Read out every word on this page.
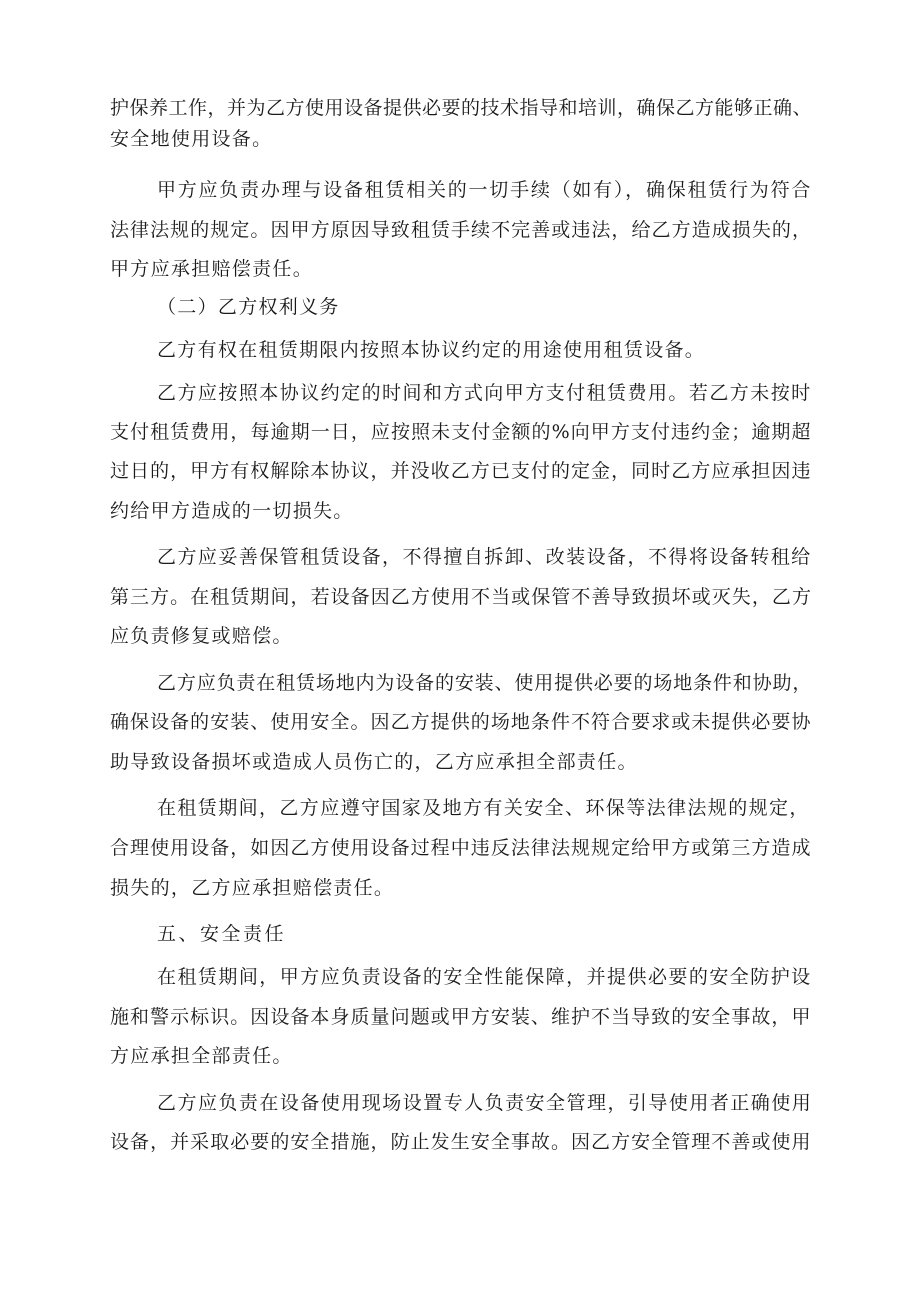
护保养工作，并为乙方使用设备提供必要的技术指导和培训，确保乙方能够正确、
安全地使用设备。
甲方应负责办理与设备租赁相关的一切手续（如有），确保租赁行为符合
法律法规的规定。因甲方原因导致租赁手续不完善或违法，给乙方造成损失的，
甲方应承担赔偿责任。
（二）乙方权利义务
乙方有权在租赁期限内按照本协议约定的用途使用租赁设备。
乙方应按照本协议约定的时间和方式向甲方支付租赁费用。若乙方未按时
支付租赁费用，每逾期一日，应按照未支付金额的%向甲方支付违约金；逾期超
过日的，甲方有权解除本协议，并没收乙方已支付的定金，同时乙方应承担因违
约给甲方造成的一切损失。
乙方应妥善保管租赁设备，不得擅自拆卸、改装设备，不得将设备转租给
第三方。在租赁期间，若设备因乙方使用不当或保管不善导致损坏或灭失，乙方
应负责修复或赔偿。
乙方应负责在租赁场地内为设备的安装、使用提供必要的场地条件和协助，
确保设备的安装、使用安全。因乙方提供的场地条件不符合要求或未提供必要协
助导致设备损坏或造成人员伤亡的，乙方应承担全部责任。
在租赁期间，乙方应遵守国家及地方有关安全、环保等法律法规的规定，
合理使用设备，如因乙方使用设备过程中违反法律法规规定给甲方或第三方造成
损失的，乙方应承担赔偿责任。
五、安全责任
在租赁期间，甲方应负责设备的安全性能保障，并提供必要的安全防护设
施和警示标识。因设备本身质量问题或甲方安装、维护不当导致的安全事故，甲
方应承担全部责任。
乙方应负责在设备使用现场设置专人负责安全管理，引导使用者正确使用
设备，并采取必要的安全措施，防止发生安全事故。因乙方安全管理不善或使用
